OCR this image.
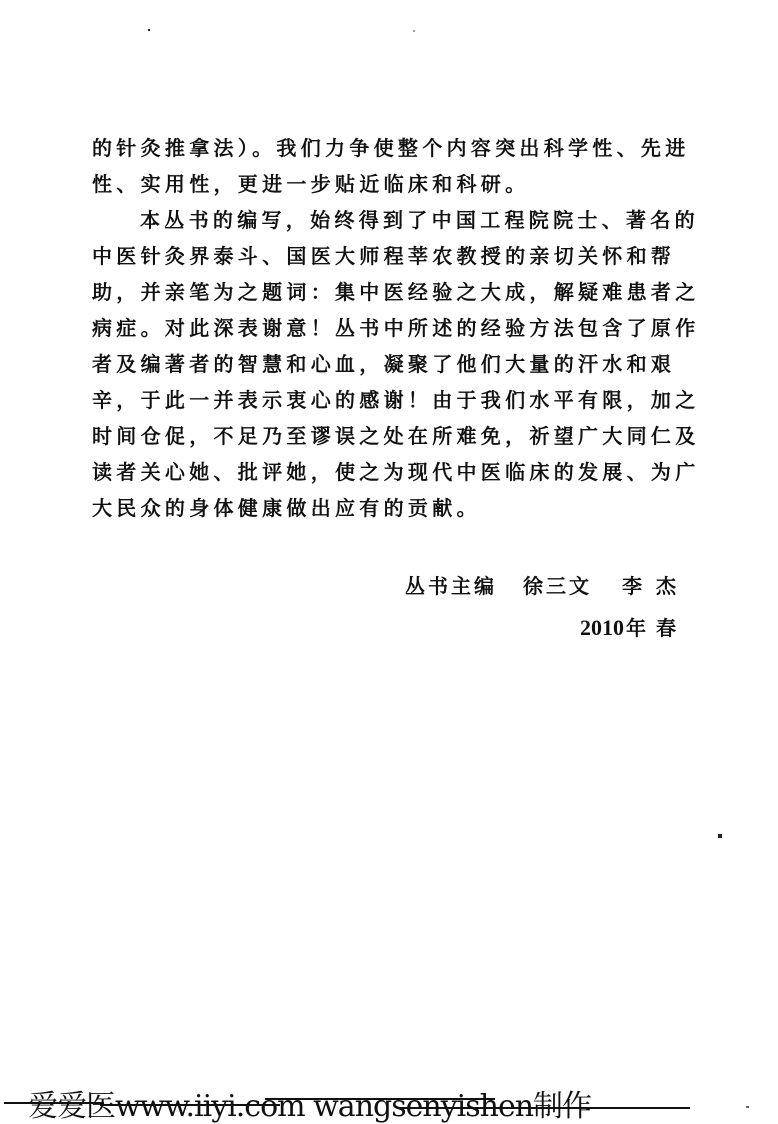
的针灸推拿法）。我们力争使整个内容突出科学性、先进
性、实用性，更进一步贴近临床和科研。
本丛书的编写，始终得到了中国工程院院士、著名的
中医针灸界泰斗、国医大师程莘农教授的亲切关怀和帮
助，并亲笔为之题词：集中医经验之大成，解疑难患者之
病症。对此深表谢意！丛书中所述的经验方法包含了原作
者及编著者的智慧和心血，凝聚了他们大量的汗水和艰
辛，于此一并表示衷心的感谢！由于我们水平有限，加之
时间仓促，不足乃至谬误之处在所难免，祈望广大同仁及
读者关心她、批评她，使之为现代中医临床的发展、为广
大民众的身体健康做出应有的贡献。
丛书主编 徐三文 李 杰
2010 年 春
爱爱医www.iiyi.com wangsenyishen制作
